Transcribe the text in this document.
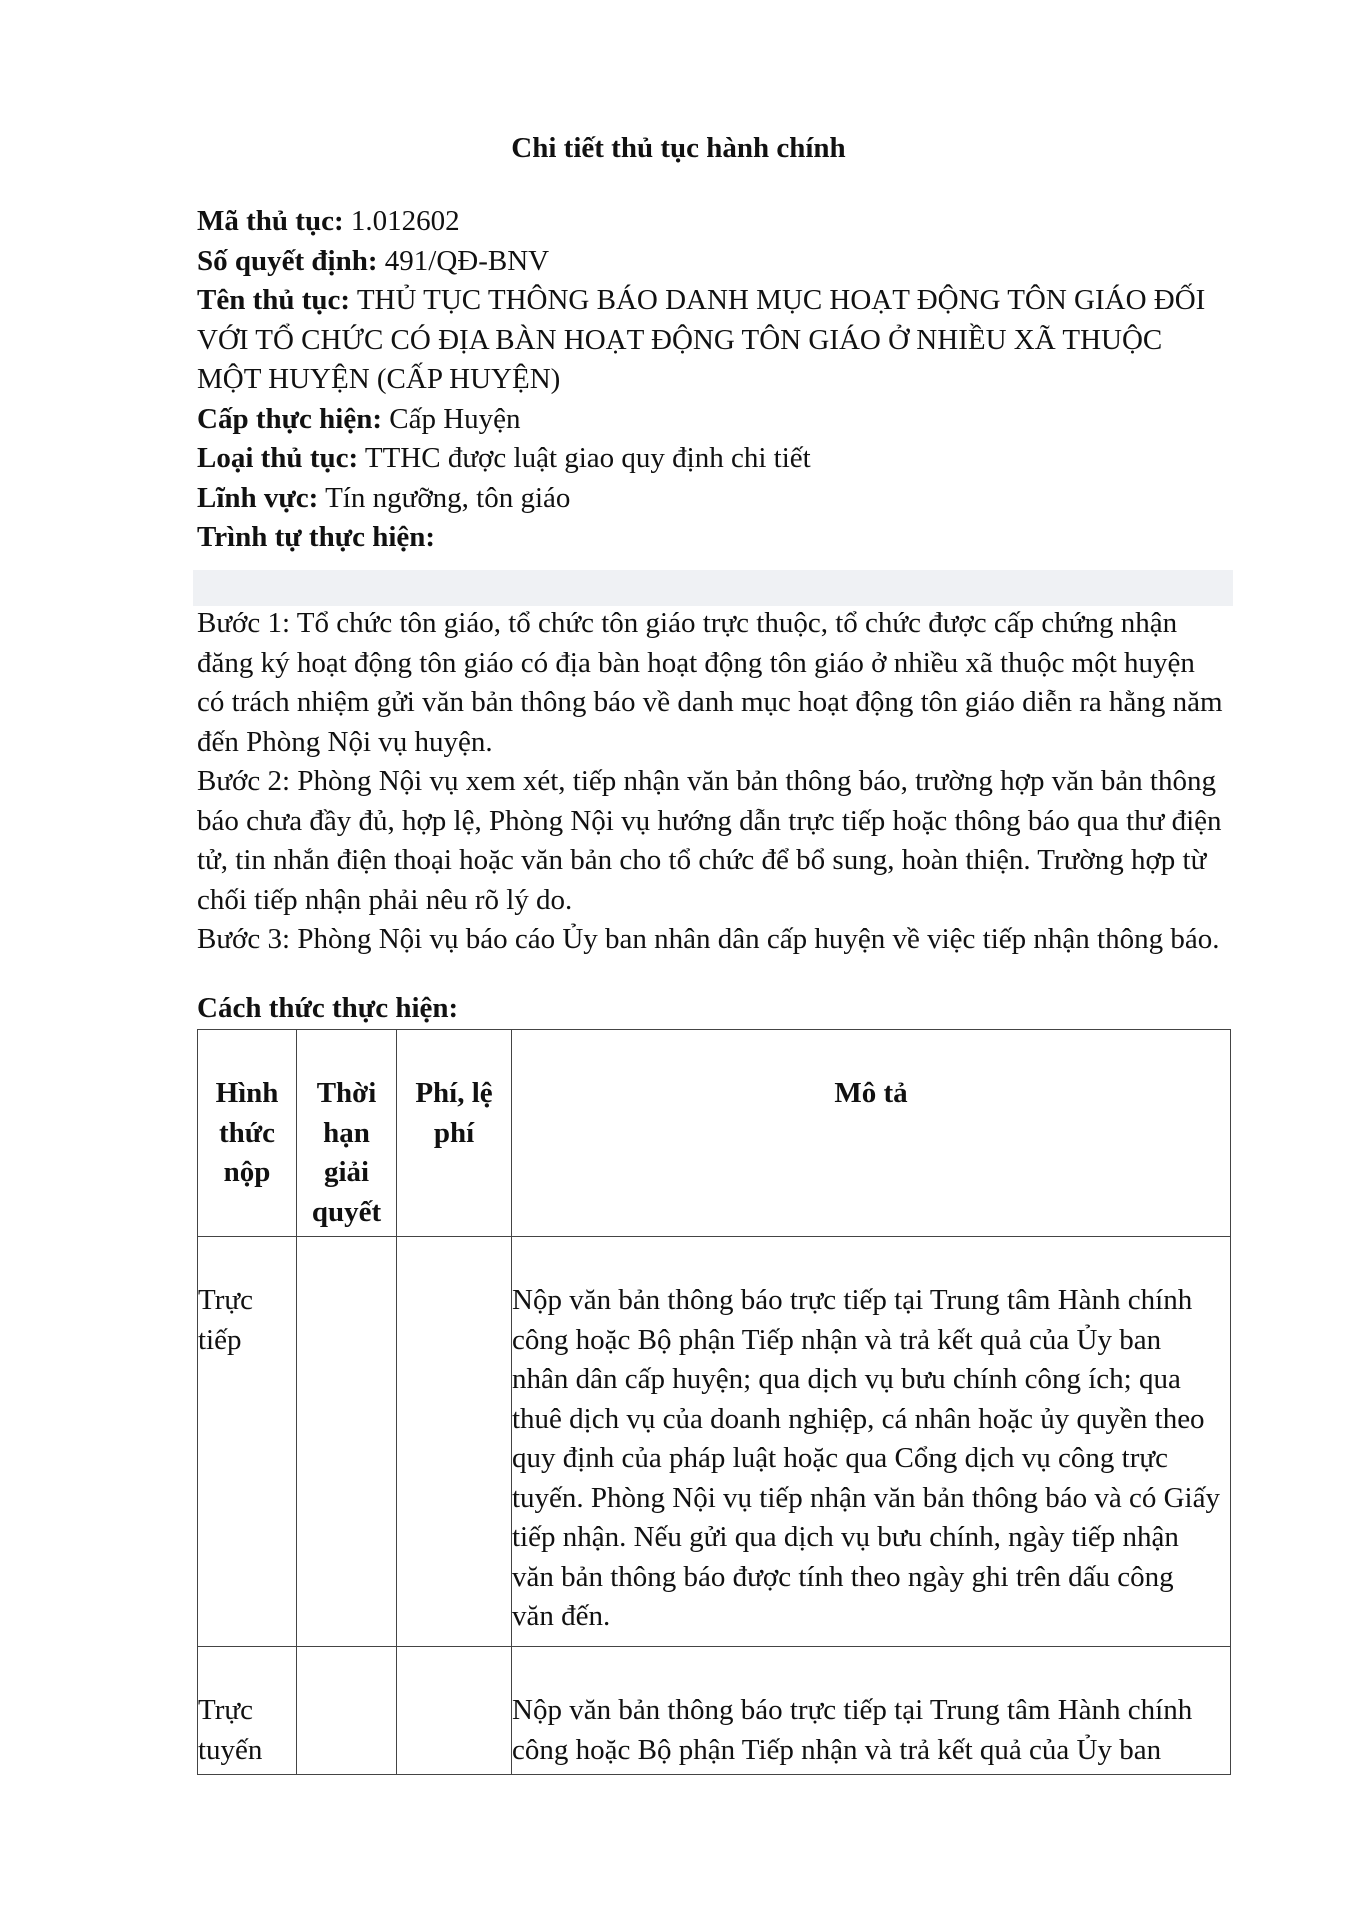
Chi tiết thủ tục hành chính

Mã thủ tục: 1.012602

Số quyết định: 491/QĐ-BNV

Tên thủ tục: THỦ TỤC THÔNG BÁO DANH MỤC HOẠT ĐỘNG TÔN GIÁO ĐỐI VỚI TỔ CHỨC CÓ ĐỊA BÀN HOẠT ĐỘNG TÔN GIÁO Ở NHIỀU XÃ THUỘC MỘT HUYỆN (CẤP HUYỆN)

Cấp thực hiện: Cấp Huyện

Loại thủ tục: TTHC được luật giao quy định chi tiết

Lĩnh vực: Tín ngưỡng, tôn giáo

Trình tự thực hiện:

Bước 1: Tổ chức tôn giáo, tổ chức tôn giáo trực thuộc, tổ chức được cấp chứng nhận đăng ký hoạt động tôn giáo có địa bàn hoạt động tôn giáo ở nhiều xã thuộc một huyện có trách nhiệm gửi văn bản thông báo về danh mục hoạt động tôn giáo diễn ra hằng năm đến Phòng Nội vụ huyện.

Bước 2: Phòng Nội vụ xem xét, tiếp nhận văn bản thông báo, trường hợp văn bản thông báo chưa đầy đủ, hợp lệ, Phòng Nội vụ hướng dẫn trực tiếp hoặc thông báo qua thư điện tử, tin nhắn điện thoại hoặc văn bản cho tổ chức để bổ sung, hoàn thiện. Trường hợp từ chối tiếp nhận phải nêu rõ lý do.

Bước 3: Phòng Nội vụ báo cáo Ủy ban nhân dân cấp huyện về việc tiếp nhận thông báo.

Cách thức thực hiện:
Hình thức nộp	Thời hạn giải quyết	Phí, lệ phí	Mô tả
Trực tiếp			Nộp văn bản thông báo trực tiếp tại Trung tâm Hành chính công hoặc Bộ phận Tiếp nhận và trả kết quả của Ủy ban nhân dân cấp huyện; qua dịch vụ bưu chính công ích; qua thuê dịch vụ của doanh nghiệp, cá nhân hoặc ủy quyền theo quy định của pháp luật hoặc qua Cổng dịch vụ công trực tuyến. Phòng Nội vụ tiếp nhận văn bản thông báo và có Giấy tiếp nhận. Nếu gửi qua dịch vụ bưu chính, ngày tiếp nhận văn bản thông báo được tính theo ngày ghi trên dấu công văn đến.
Trực tuyến			Nộp văn bản thông báo trực tiếp tại Trung tâm Hành chính công hoặc Bộ phận Tiếp nhận và trả kết quả của Ủy ban
